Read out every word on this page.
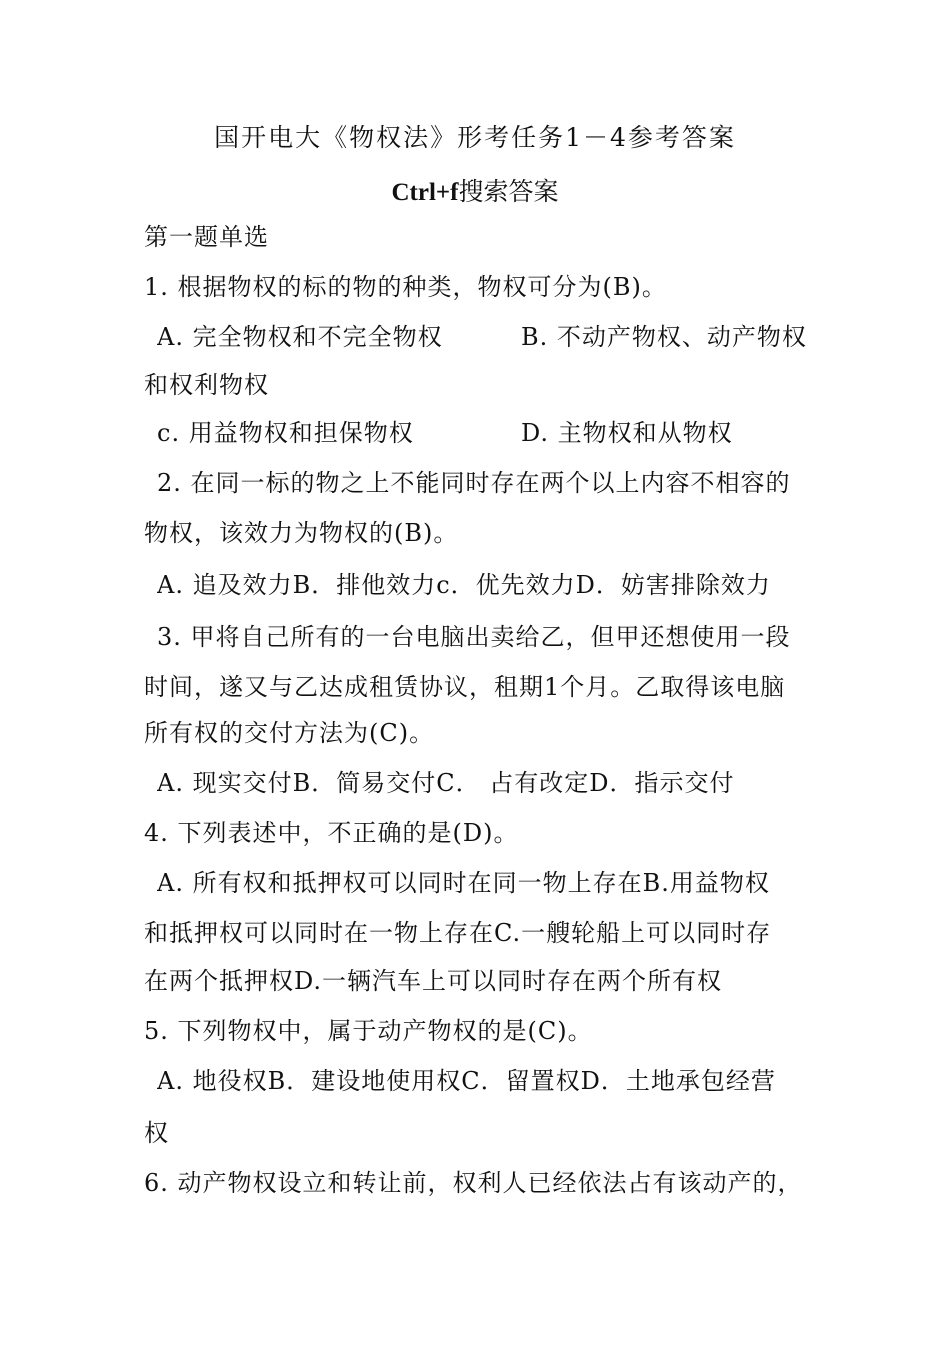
国开电大《物权法》形考任务1－4参考答案
Ctrl+f搜索答案
第一题单选
1. 根据物权的标的物的种类，物权可分为(B)。
A. 完全物权和不完全物权	B. 不动产物权、动产物权
和权利物权
c. 用益物权和担保物权	D. 主物权和从物权
2. 在同一标的物之上不能同时存在两个以上内容不相容的
物权，该效力为物权的(B)。
A. 追及效力B．排他效力c．优先效力D．妨害排除效力
3. 甲将自己所有的一台电脑出卖给乙，但甲还想使用一段
时间，遂又与乙达成租赁协议，租期1个月。乙取得该电脑
所有权的交付方法为(C)。
A. 现实交付B．简易交付C． 占有改定D．指示交付
4. 下列表述中，不正确的是(D)。
A. 所有权和抵押权可以同时在同一物上存在B.用益物权
和抵押权可以同时在一物上存在C.一艘轮船上可以同时存
在两个抵押权D.一辆汽车上可以同时存在两个所有权
5. 下列物权中，属于动产物权的是(C)。
A. 地役权B．建设地使用权C．留置权D．土地承包经营
权
6. 动产物权设立和转让前，权利人已经依法占有该动产的，
